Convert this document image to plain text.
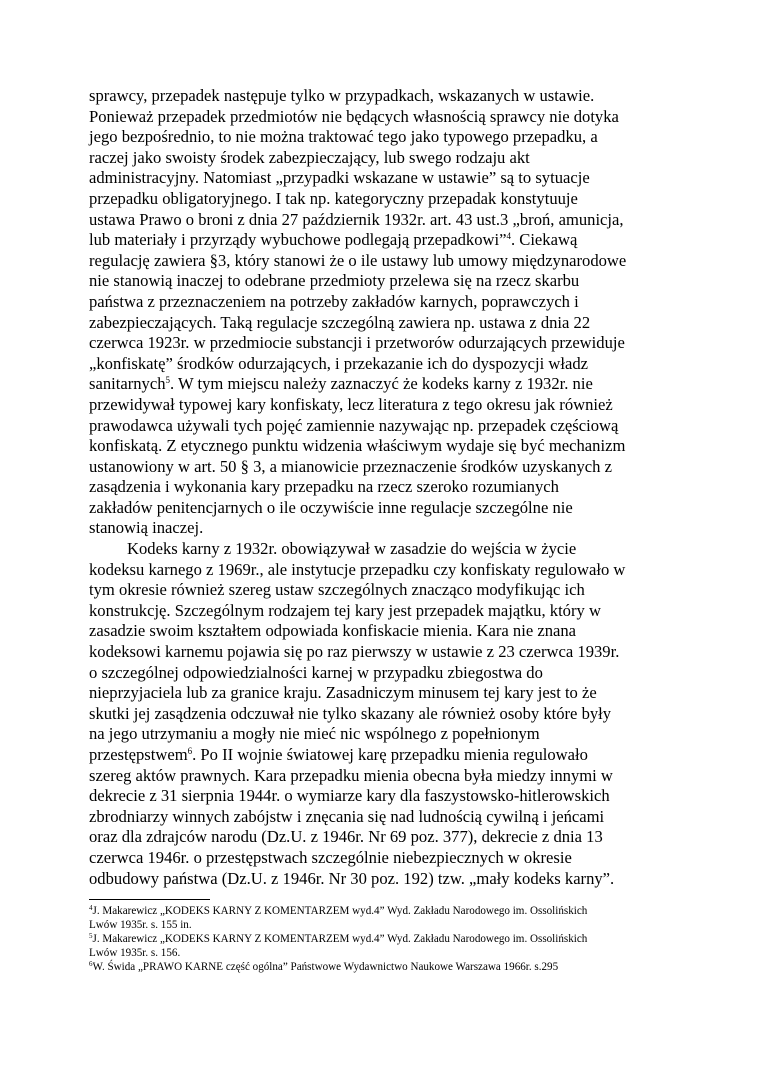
sprawcy, przepadek następuje tylko w przypadkach, wskazanych w ustawie.
Ponieważ przepadek przedmiotów nie będących własnością sprawcy nie dotyka
jego bezpośrednio, to nie można traktować tego jako typowego przepadku, a
raczej jako swoisty środek zabezpieczający, lub swego rodzaju akt
administracyjny. Natomiast „przypadki wskazane w ustawie” są to sytuacje
przepadku obligatoryjnego. I tak np. kategoryczny przepadak konstytuuje
ustawa Prawo o broni z dnia 27 październik 1932r. art. 43 ust.3 „broń, amunicja,
lub materiały i przyrządy wybuchowe podlegają przepadkowi”$^4$. Ciekawą
regulację zawiera §3, który stanowi że o ile ustawy lub umowy międzynarodowe
nie stanowią inaczej to odebrane przedmioty przelewa się na rzecz skarbu
państwa z przeznaczeniem na potrzeby zakładów karnych, poprawczych i
zabezpieczających. Taką regulacje szczególną zawiera np. ustawa z dnia 22
czerwca 1923r. w przedmiocie substancji i przetworów odurzających przewiduje
„konfiskatę” środków odurzających, i przekazanie ich do dyspozycji władz
sanitarnych$^5$. W tym miejscu należy zaznaczyć że kodeks karny z 1932r. nie
przewidywał typowej kary konfiskaty, lecz literatura z tego okresu jak również
prawodawca używali tych pojęć zamiennie nazywając np. przepadek częściową
konfiskatą. Z etycznego punktu widzenia właściwym wydaje się być mechanizm
ustanowiony w art. 50 § 3, a mianowicie przeznaczenie środków uzyskanych z
zasądzenia i wykonania kary przepadku na rzecz szeroko rozumianych
zakładów penitencjarnych o ile oczywiście inne regulacje szczególne nie
stanowią inaczej.
Kodeks karny z 1932r. obowiązywał w zasadzie do wejścia w życie
kodeksu karnego z 1969r., ale instytucje przepadku czy konfiskaty regulowało w
tym okresie również szereg ustaw szczególnych znacząco modyfikując ich
konstrukcję. Szczególnym rodzajem tej kary jest przepadek majątku, który w
zasadzie swoim kształtem odpowiada konfiskacie mienia. Kara nie znana
kodeksowi karnemu pojawia się po raz pierwszy w ustawie z 23 czerwca 1939r.
o szczególnej odpowiedzialności karnej w przypadku zbiegostwa do
nieprzyjaciela lub za granice kraju. Zasadniczym minusem tej kary jest to że
skutki jej zasądzenia odczuwał nie tylko skazany ale również osoby które były
na jego utrzymaniu a mogły nie mieć nic wspólnego z popełnionym
przestępstwem$^6$. Po II wojnie światowej karę przepadku mienia regulowało
szereg aktów prawnych. Kara przepadku mienia obecna była miedzy innymi w
dekrecie z 31 sierpnia 1944r. o wymiarze kary dla faszystowsko-hitlerowskich
zbrodniarzy winnych zabójstw i znęcania się nad ludnością cywilną i jeńcami
oraz dla zdrajców narodu (Dz.U. z 1946r. Nr 69 poz. 377), dekrecie z dnia 13
czerwca 1946r. o przestępstwach szczególnie niebezpiecznych w okresie
odbudowy państwa (Dz.U. z 1946r. Nr 30 poz. 192) tzw. „mały kodeks karny”.
$^4$J. Makarewicz „KODEKS KARNY Z KOMENTARZEM wyd.4” Wyd. Zakładu Narodowego im. Ossolińskich
Lwów 1935r. s. 155 in.
$^5$J. Makarewicz „KODEKS KARNY Z KOMENTARZEM wyd.4” Wyd. Zakładu Narodowego im. Ossolińskich
Lwów 1935r. s. 156.
$^6$W. Świda „PRAWO KARNE część ogólna” Państwowe Wydawnictwo Naukowe Warszawa 1966r. s.295
